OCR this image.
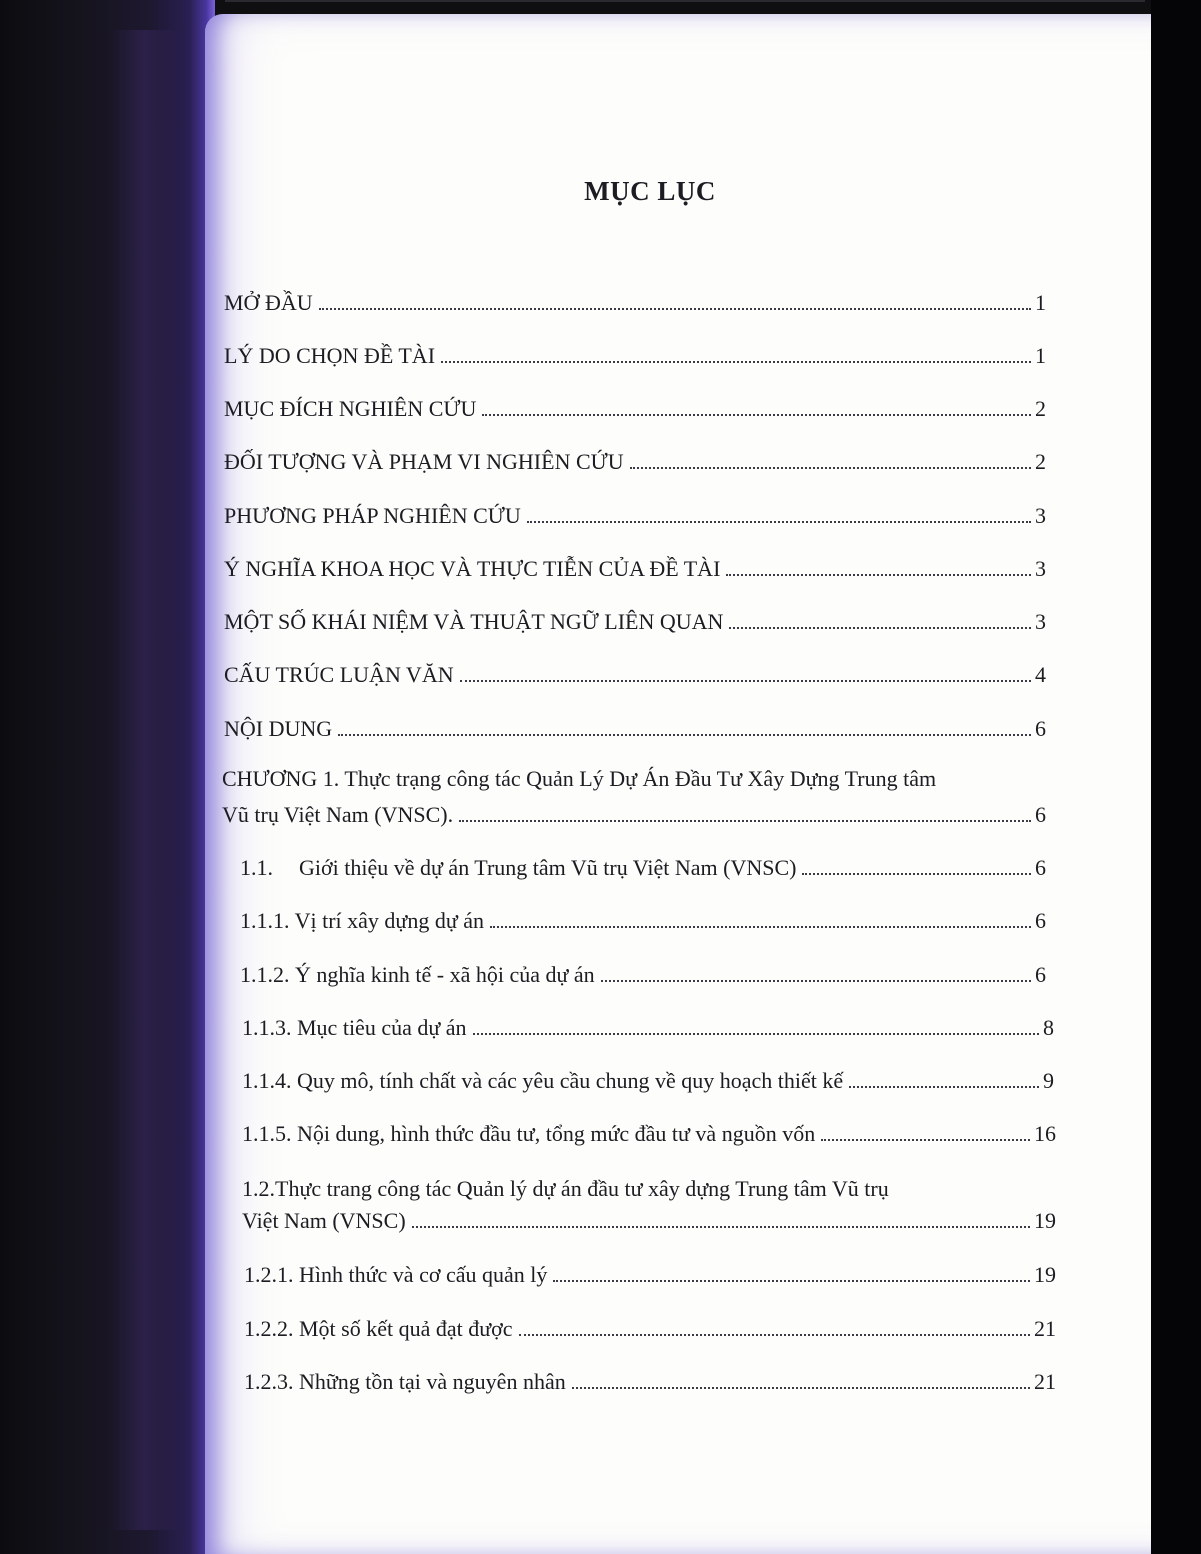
MỤC LỤC
MỞ ĐẦU	1
LÝ DO CHỌN ĐỀ TÀI	1
MỤC ĐÍCH NGHIÊN CỨU	2
ĐỐI TƯỢNG VÀ PHẠM VI NGHIÊN CỨU	2
PHƯƠNG PHÁP NGHIÊN CỨU	3
Ý NGHĨA KHOA HỌC VÀ THỰC TIỄN CỦA ĐỀ TÀI	3
MỘT SỐ KHÁI NIỆM VÀ THUẬT NGỮ LIÊN QUAN	3
CẤU TRÚC LUẬN VĂN	4
NỘI DUNG	6
CHƯƠNG 1. Thực trạng công tác Quản Lý Dự Án Đầu Tư Xây Dựng Trung tâm
Vũ trụ Việt Nam (VNSC).	6
1.1. Giới thiệu về dự án Trung tâm Vũ trụ Việt Nam (VNSC)	6
1.1.1. Vị trí xây dựng dự án	6
1.1.2. Ý nghĩa kinh tế - xã hội của dự án	6
1.1.3. Mục tiêu của dự án	8
1.1.4. Quy mô, tính chất và các yêu cầu chung về quy hoạch thiết kế	9
1.1.5. Nội dung, hình thức đầu tư, tổng mức đầu tư và nguồn vốn	16
1.2.Thực trang công tác Quản lý dự án đầu tư xây dựng Trung tâm Vũ trụ
Việt Nam (VNSC)	19
1.2.1. Hình thức và cơ cấu quản lý	19
1.2.2. Một số kết quả đạt được	21
1.2.3. Những tồn tại và nguyên nhân	21
